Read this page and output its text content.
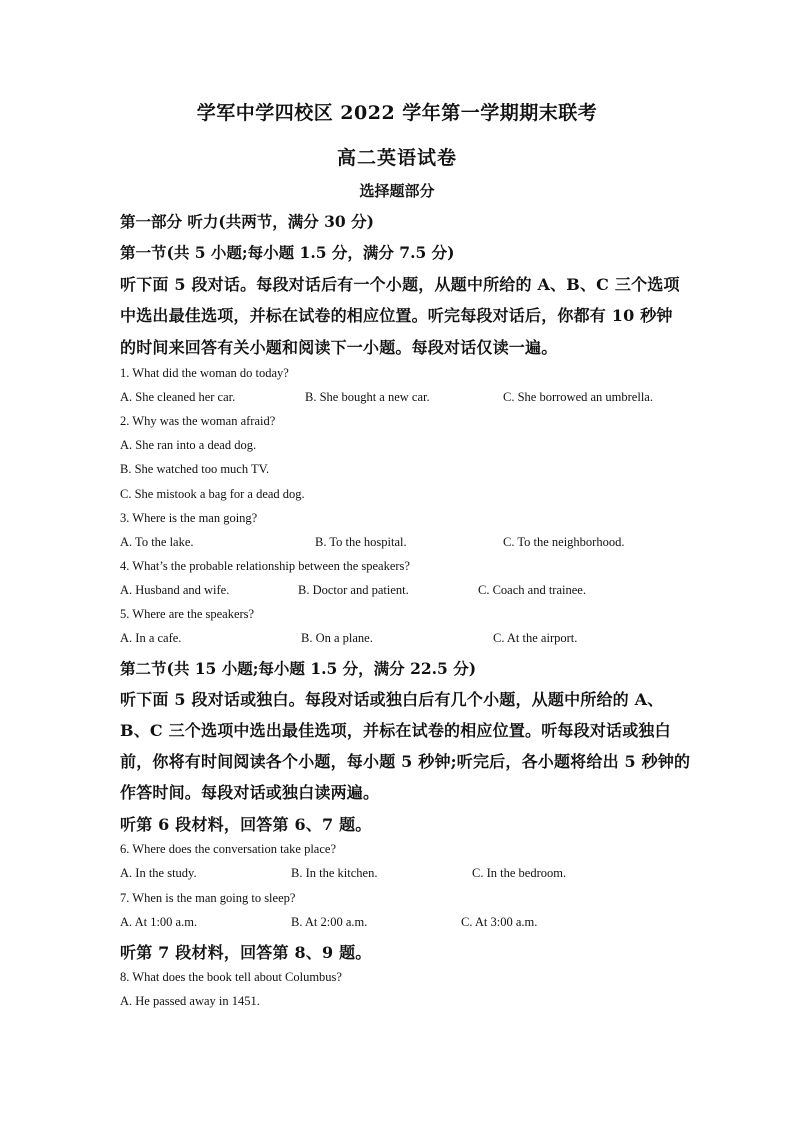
学军中学四校区 2022 学年第一学期期末联考
高二英语试卷
选择题部分
第一部分 听力(共两节，满分 30 分)
第一节(共 5 小题;每小题 1.5 分，满分 7.5 分)
听下面 5 段对话。每段对话后有一个小题，从题中所给的 A、B、C 三个选项
中选出最佳选项，并标在试卷的相应位置。听完每段对话后，你都有 10 秒钟
的时间来回答有关小题和阅读下一小题。每段对话仅读一遍。
1. What did the woman do today?
A. She cleaned her car.	B. She bought a new car.	C. She borrowed an umbrella.
2. Why was the woman afraid?
A. She ran into a dead dog.
B. She watched too much TV.
C. She mistook a bag for a dead dog.
3. Where is the man going?
A. To the lake.	B. To the hospital.	C. To the neighborhood.
4. What’s the probable relationship between the speakers?
A. Husband and wife.	B. Doctor and patient.	C. Coach and trainee.
5. Where are the speakers?
A. In a cafe.	B. On a plane.	C. At the airport.
第二节(共 15 小题;每小题 1.5 分，满分 22.5 分)
听下面 5 段对话或独白。每段对话或独白后有几个小题，从题中所给的 A、
B、C 三个选项中选出最佳选项，并标在试卷的相应位置。听每段对话或独白
前，你将有时间阅读各个小题，每小题 5 秒钟;听完后，各小题将给出 5 秒钟的
作答时间。每段对话或独白读两遍。
听第 6 段材料，回答第 6、7 题。
6. Where does the conversation take place?
A. In the study.	B. In the kitchen.	C. In the bedroom.
7. When is the man going to sleep?
A. At 1:00 a.m.	B. At 2:00 a.m.	C. At 3:00 a.m.
听第 7 段材料，回答第 8、9 题。
8. What does the book tell about Columbus?
A. He passed away in 1451.
